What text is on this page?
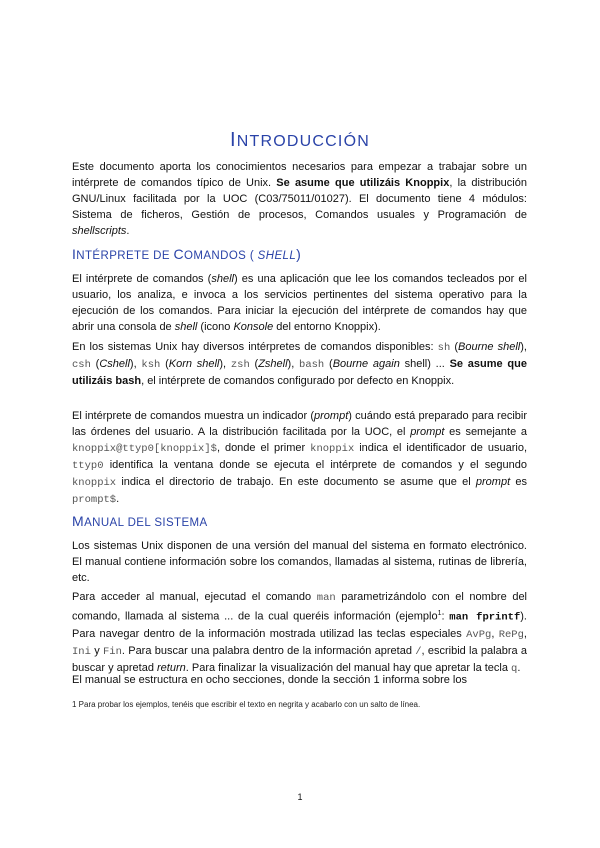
INTRODUCCIÓN

Este documento aporta los conocimientos necesarios para empezar a trabajar sobre un intérprete de comandos típico de Unix. Se asume que utilizáis Knoppix, la distribución GNU/Linux facilitada por la UOC (C03/75011/01027). El documento tiene 4 módulos: Sistema de ficheros, Gestión de procesos, Comandos usuales y Programación de shellscripts.

INTÉRPRETE DE COMANDOS ( SHELL)

El intérprete de comandos (shell) es una aplicación que lee los comandos tecleados por el usuario, los analiza, e invoca a los servicios pertinentes del sistema operativo para la ejecución de los comandos. Para iniciar la ejecución del intérprete de comandos hay que abrir una consola de shell (icono Konsole del entorno Knoppix).

En los sistemas Unix hay diversos intérpretes de comandos disponibles: sh (Bourne shell), csh (Cshell), ksh (Korn shell), zsh (Zshell), bash (Bourne again shell) ... Se asume que utilizáis bash, el intérprete de comandos configurado por defecto en Knoppix.

El intérprete de comandos muestra un indicador (prompt) cuándo está preparado para recibir las órdenes del usuario. A la distribución facilitada por la UOC, el prompt es semejante a knoppix@ttyp0[knoppix]$, donde el primer knoppix indica el identificador de usuario, ttyp0 identifica la ventana donde se ejecuta el intérprete de comandos y el segundo knoppix indica el directorio de trabajo. En este documento se asume que el prompt es prompt$.

MANUAL DEL SISTEMA

Los sistemas Unix disponen de una versión del manual del sistema en formato electrónico. El manual contiene información sobre los comandos, llamadas al sistema, rutinas de librería, etc.

Para acceder al manual, ejecutad el comando man parametrizándolo con el nombre del comando, llamada al sistema ... de la cual queréis información (ejemplo$^1$: man fprintf). Para navegar dentro de la información mostrada utilizad las teclas especiales AvPg, RePg, Ini y Fin. Para buscar una palabra dentro de la información apretad /, escribid la palabra a buscar y apretad return. Para finalizar la visualización del manual hay que apretar la tecla q.

El manual se estructura en ocho secciones, donde la sección 1 informa sobre los

1 Para probar los ejemplos, tenéis que escribir el texto en negrita y acabarlo con un salto de línea.
1
